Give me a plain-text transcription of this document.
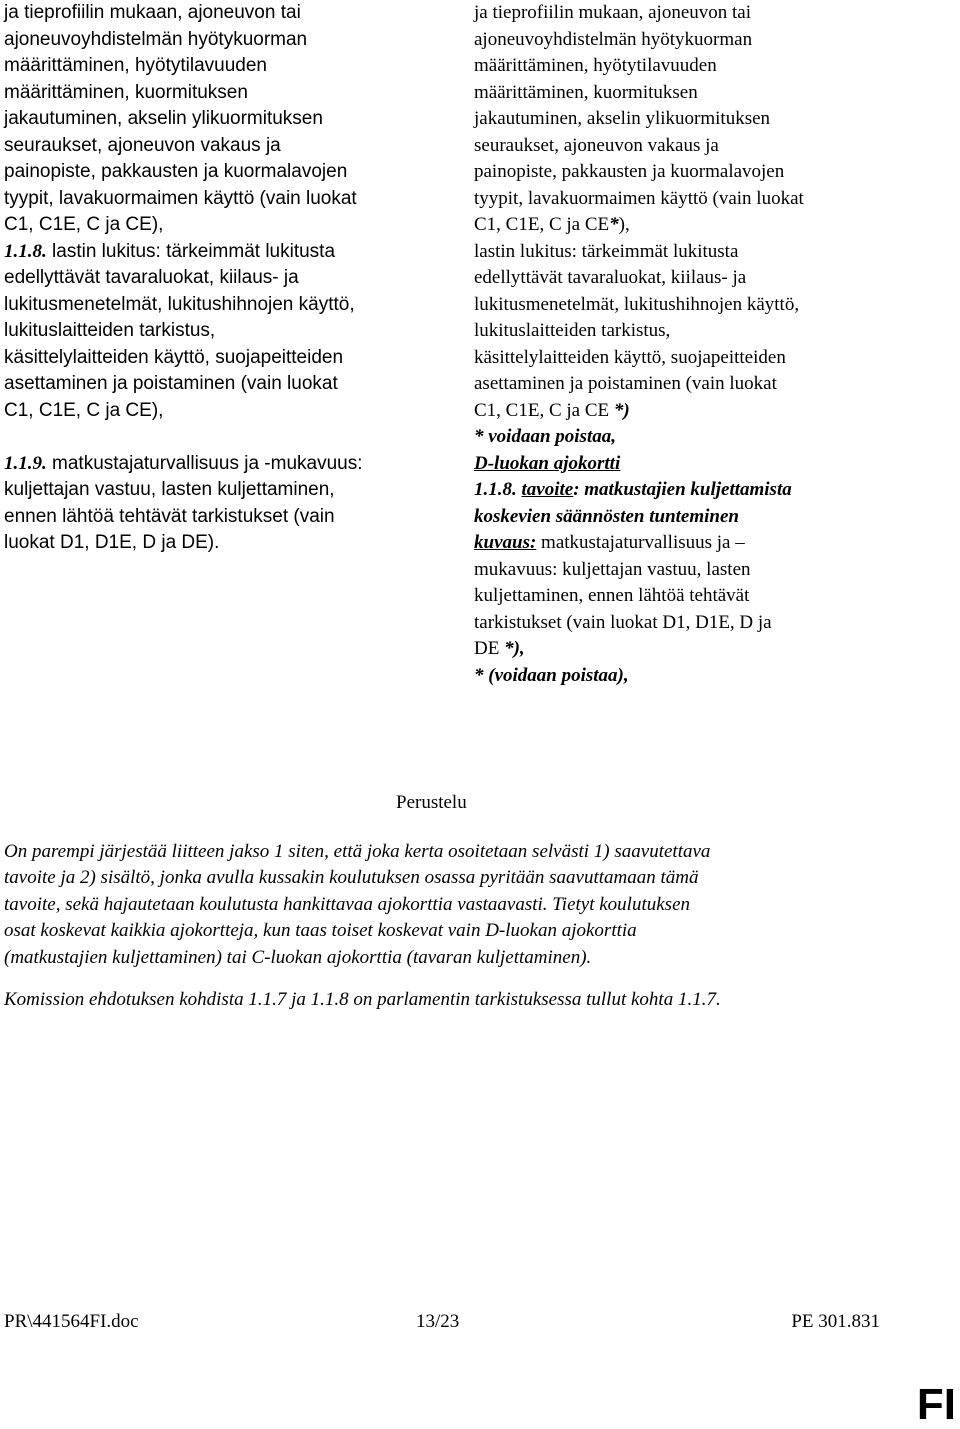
ja tieprofiilin mukaan, ajoneuvon tai
ajoneuvoyhdistelmän hyötykuorman
määrittäminen, hyötytilavuuden
määrittäminen, kuormituksen
jakautuminen, akselin ylikuormituksen
seuraukset, ajoneuvon vakaus ja
painopiste, pakkausten ja kuormalavojen
tyypit, lavakuormaimen käyttö (vain luokat
C1, C1E, C ja CE),
1.1.8. lastin lukitus: tärkeimmät lukitusta
edellyttävät tavaraluokat, kiilaus- ja
lukitusmenetelmät, lukitushihnojen käyttö,
lukituslaitteiden tarkistus,
käsittelylaitteiden käyttö, suojapeitteiden
asettaminen ja poistaminen (vain luokat
C1, C1E, C ja CE),
1.1.9. matkustajaturvallisuus ja -mukavuus:
kuljettajan vastuu, lasten kuljettaminen,
ennen lähtöä tehtävät tarkistukset (vain
luokat D1, D1E, D ja DE).
ja tieprofiilin mukaan, ajoneuvon tai
ajoneuvoyhdistelmän hyötykuorman
määrittäminen, hyötytilavuuden
määrittäminen, kuormituksen
jakautuminen, akselin ylikuormituksen
seuraukset, ajoneuvon vakaus ja
painopiste, pakkausten ja kuormalavojen
tyypit, lavakuormaimen käyttö (vain luokat
C1, C1E, C ja CE*),
lastin lukitus: tärkeimmät lukitusta
edellyttävät tavaraluokat, kiilaus- ja
lukitusmenetelmät, lukitushihnojen käyttö,
lukituslaitteiden tarkistus,
käsittelylaitteiden käyttö, suojapeitteiden
asettaminen ja poistaminen (vain luokat
C1, C1E, C ja CE *)
* voidaan poistaa,
D-luokan ajokortti
1.1.8. tavoite: matkustajien kuljettamista
koskevien säännösten tunteminen
kuvaus: matkustajaturvallisuus ja –
mukavuus: kuljettajan vastuu, lasten
kuljettaminen, ennen lähtöä tehtävät
tarkistukset (vain luokat D1, D1E, D ja
DE *),
* (voidaan poistaa),
Perustelu
On parempi järjestää liitteen jakso 1 siten, että joka kerta osoitetaan selvästi 1) saavutettava
tavoite ja 2) sisältö, jonka avulla kussakin koulutuksen osassa pyritään saavuttamaan tämä
tavoite, sekä hajautetaan koulutusta hankittavaa ajokorttia vastaavasti. Tietyt koulutuksen
osat koskevat kaikkia ajokortteja, kun taas toiset koskevat vain D-luokan ajokorttia
(matkustajien kuljettaminen) tai C-luokan ajokorttia (tavaran kuljettaminen).
Komission ehdotuksen kohdista 1.1.7 ja 1.1.8 on parlamentin tarkistuksessa tullut kohta 1.1.7.
PR\441564FI.doc	13/23	PE 301.831
FI
